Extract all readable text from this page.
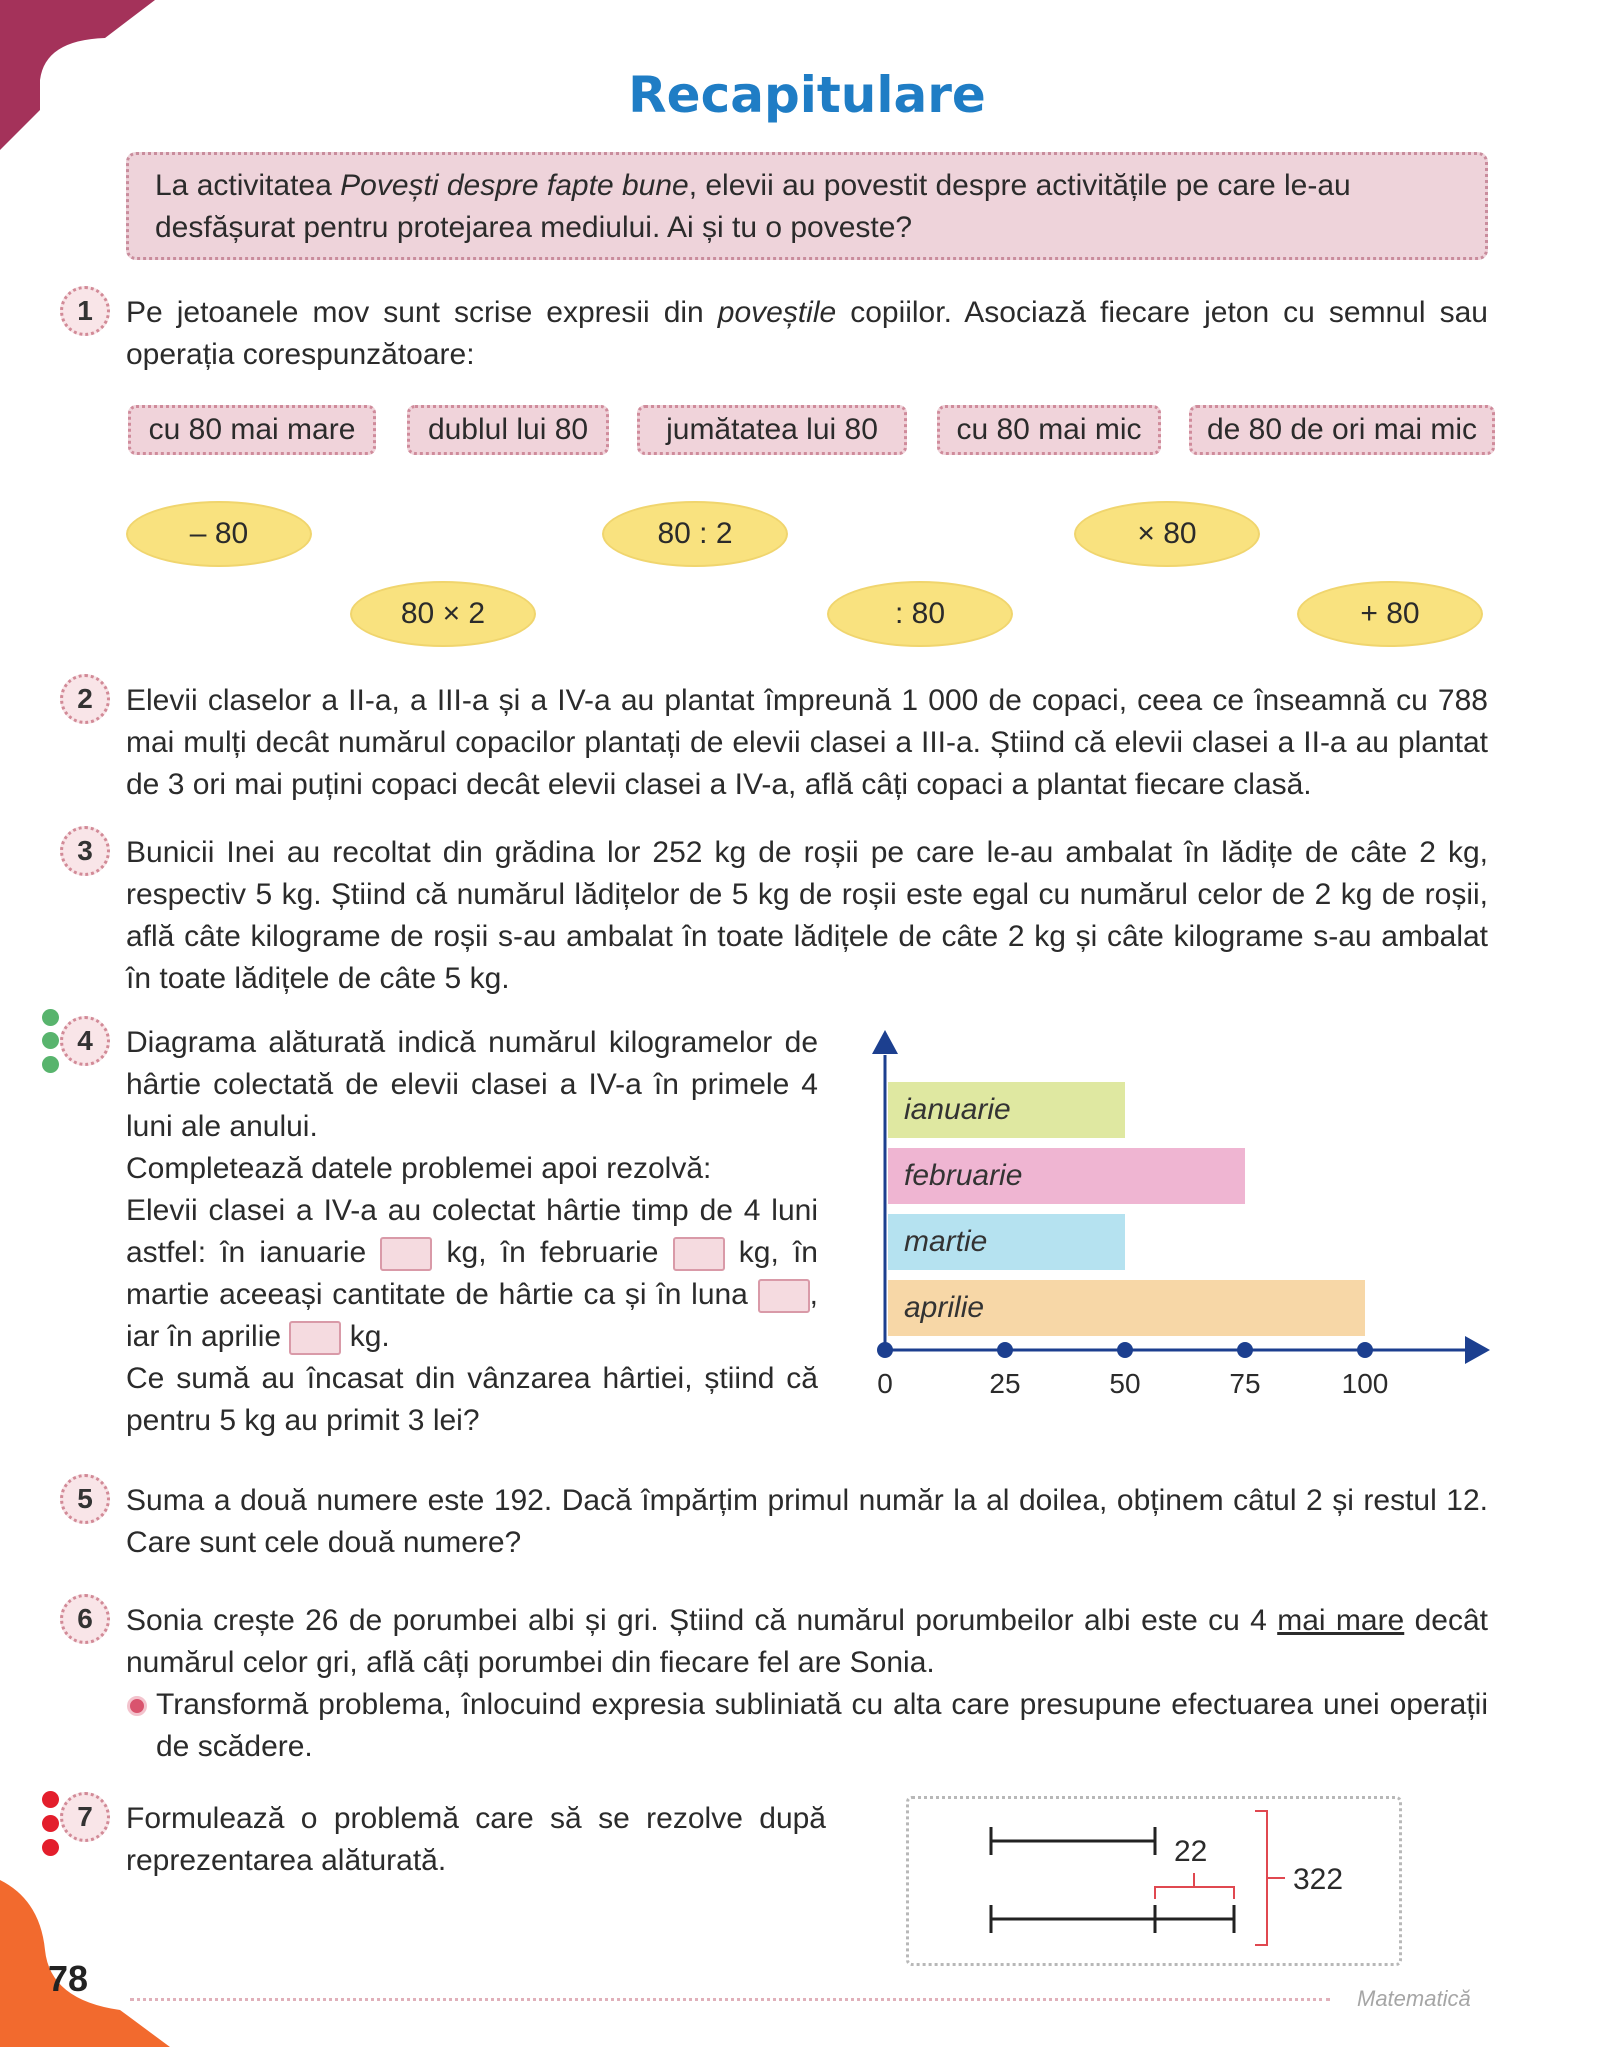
Recapitulare
La activitatea Povești despre fapte bune, elevii au povestit despre activitățile pe care le-au desfășurat pentru protejarea mediului. Ai și tu o poveste?
1	Pe jetoanele mov sunt scrise expresii din poveștile copiilor. Asociază fiecare jeton cu semnul sau operația corespunzătoare:
cu 80 mai mare	dublul lui 80	jumătatea lui 80	cu 80 mai mic	de 80 de ori mai mic
– 80	80 : 2	× 80
80 × 2	: 80	+ 80
2	Elevii claselor a II-a, a III-a și a IV-a au plantat împreună 1 000 de copaci, ceea ce înseamnă cu 788 mai mulți decât numărul copacilor plantați de elevii clasei a III-a. Știind că elevii clasei a II-a au plantat de 3 ori mai puțini copaci decât elevii clasei a IV-a, află câți copaci a plantat fiecare clasă.
3	Bunicii Inei au recoltat din grădina lor 252 kg de roșii pe care le-au ambalat în lădițe de câte 2 kg, respectiv 5 kg. Știind că numărul lădițelor de 5 kg de roșii este egal cu numărul celor de 2 kg de roșii, află câte kilograme de roșii s-au ambalat în toate lădițele de câte 2 kg și câte kilograme s-au ambalat în toate lădițele de câte 5 kg.
4	Diagrama alăturată indică numărul kilogramelor de hârtie colectată de elevii clasei a IV-a în primele 4 luni ale anului.
Completează datele problemei apoi rezolvă:
Elevii clasei a IV-a au colectat hârtie timp de 4 luni astfel: în ianuarie  kg, în februarie  kg, în martie aceeași cantitate de hârtie ca și în luna , iar în aprilie  kg.
Ce sumă au încasat din vânzarea hârtiei, știind că pentru 5 kg au primit 3 lei?
ianuarie
februarie
martie
aprilie
0	25	50	75	100
5	Suma a două numere este 192. Dacă împărțim primul număr la al doilea, obținem câtul 2 și restul 12. Care sunt cele două numere?
6	Sonia crește 26 de porumbei albi și gri. Știind că numărul porumbeilor albi este cu 4 mai mare decât numărul celor gri, află câți porumbei din fiecare fel are Sonia.
Transformă problema, înlocuind expresia subliniată cu alta care presupune efectuarea unei operații de scădere.
7	Formulează o problemă care să se rezolve după reprezentarea alăturată.	22
322
78	Matematică
